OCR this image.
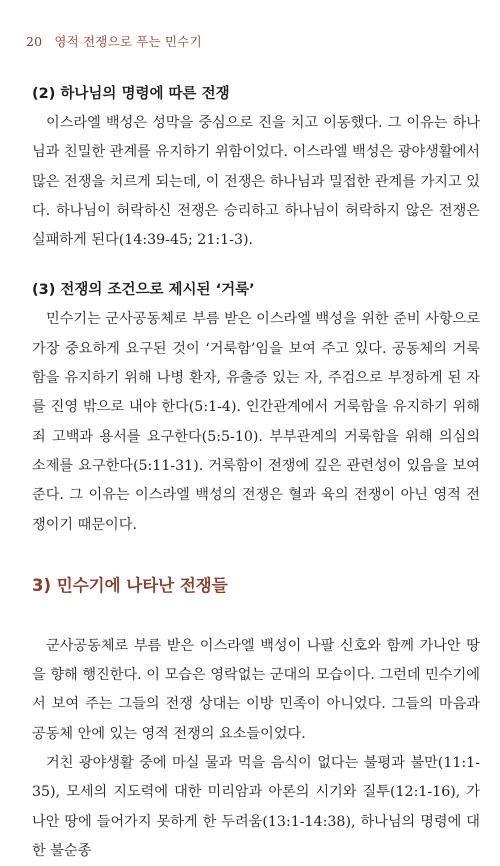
20 영적 전쟁으로 푸는 민수기
(2) 하나님의 명령에 따른 전쟁

이스라엘 백성은 성막을 중심으로 진을 치고 이동했다. 그 이유는 하나님과 친밀한 관계를 유지하기 위함이었다. 이스라엘 백성은 광야생활에서 많은 전쟁을 치르게 되는데, 이 전쟁은 하나님과 밀접한 관계를 가지고 있다. 하나님이 허락하신 전쟁은 승리하고 하나님이 허락하지 않은 전쟁은 실패하게 된다(14:39-45; 21:1-3).

(3) 전쟁의 조건으로 제시된 ‘거룩’

민수기는 군사공동체로 부름 받은 이스라엘 백성을 위한 준비 사항으로 가장 중요하게 요구된 것이 ‘거룩함’임을 보여 주고 있다. 공동체의 거룩함을 유지하기 위해 나병 환자, 유출증 있는 자, 주검으로 부정하게 된 자를 진영 밖으로 내야 한다(5:1-4). 인간관계에서 거룩함을 유지하기 위해 죄 고백과 용서를 요구한다(5:5-10). 부부관계의 거룩함을 위해 의심의 소제를 요구한다(5:11-31). 거룩함이 전쟁에 깊은 관련성이 있음을 보여 준다. 그 이유는 이스라엘 백성의 전쟁은 혈과 육의 전쟁이 아닌 영적 전쟁이기 때문이다.

3) 민수기에 나타난 전쟁들

군사공동체로 부름 받은 이스라엘 백성이 나팔 신호와 함께 가나안 땅을 향해 행진한다. 이 모습은 영락없는 군대의 모습이다. 그런데 민수기에서 보여 주는 그들의 전쟁 상대는 이방 민족이 아니었다. 그들의 마음과 공동체 안에 있는 영적 전쟁의 요소들이었다.

거친 광야생활 중에 마실 물과 먹을 음식이 없다는 불평과 불만(11:1-35), 모세의 지도력에 대한 미리암과 아론의 시기와 질투(12:1-16), 가나안 땅에 들어가지 못하게 한 두려움(13:1-14:38), 하나님의 명령에 대한 불순종
